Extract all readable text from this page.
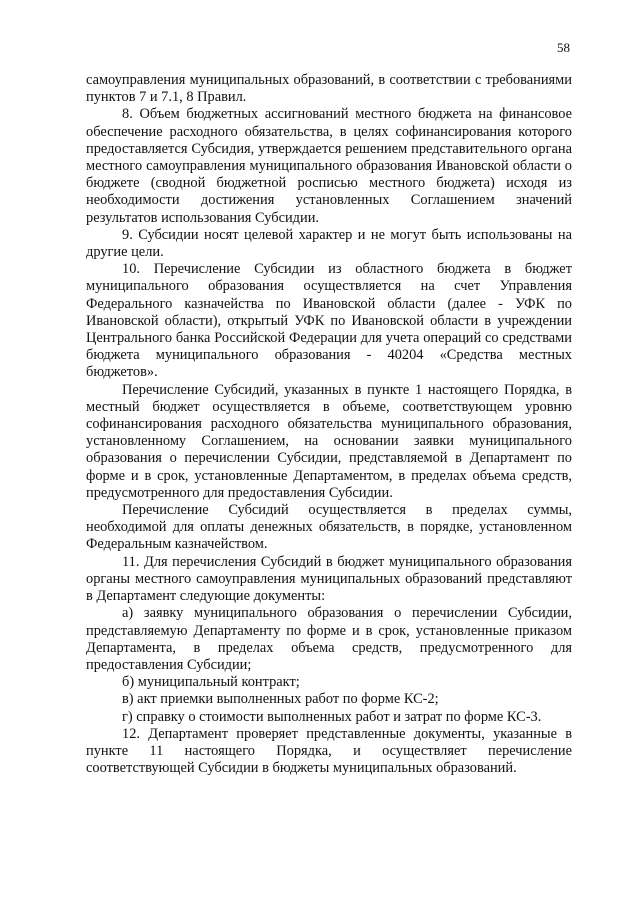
58

самоуправления муниципальных образований, в соответствии с требованиями пунктов 7 и 7.1, 8 Правил.

8. Объем бюджетных ассигнований местного бюджета на финансовое обеспечение расходного обязательства, в целях софинансирования которого предоставляется Субсидия, утверждается решением представительного органа местного самоуправления муниципального образования Ивановской области о бюджете (сводной бюджетной росписью местного бюджета) исходя из необходимости достижения установленных Соглашением значений результатов использования Субсидии.

9. Субсидии носят целевой характер и не могут быть использованы на другие цели.

10. Перечисление Субсидии из областного бюджета в бюджет муниципального образования осуществляется на счет Управления Федерального казначейства по Ивановской области (далее - УФК по Ивановской области), открытый УФК по Ивановской области в учреждении Центрального банка Российской Федерации для учета операций со средствами бюджета муниципального образования - 40204 «Средства местных бюджетов».

Перечисление Субсидий, указанных в пункте 1 настоящего Порядка, в местный бюджет осуществляется в объеме, соответствующем уровню софинансирования расходного обязательства муниципального образования, установленному Соглашением, на основании заявки муниципального образования о перечислении Субсидии, представляемой в Департамент по форме и в срок, установленные Департаментом, в пределах объема средств, предусмотренного для предоставления Субсидии.

Перечисление Субсидий осуществляется в пределах суммы, необходимой для оплаты денежных обязательств, в порядке, установленном Федеральным казначейством.

11. Для перечисления Субсидий в бюджет муниципального образования органы местного самоуправления муниципальных образований представляют в Департамент следующие документы:

а) заявку муниципального образования о перечислении Субсидии, представляемую Департаменту по форме и в срок, установленные приказом Департамента, в пределах объема средств, предусмотренного для предоставления Субсидии;

б) муниципальный контракт;

в) акт приемки выполненных работ по форме КС-2;

г) справку о стоимости выполненных работ и затрат по форме КС-3.

12. Департамент проверяет представленные документы, указанные в пункте 11 настоящего Порядка, и осуществляет перечисление соответствующей Субсидии в бюджеты муниципальных образований.
